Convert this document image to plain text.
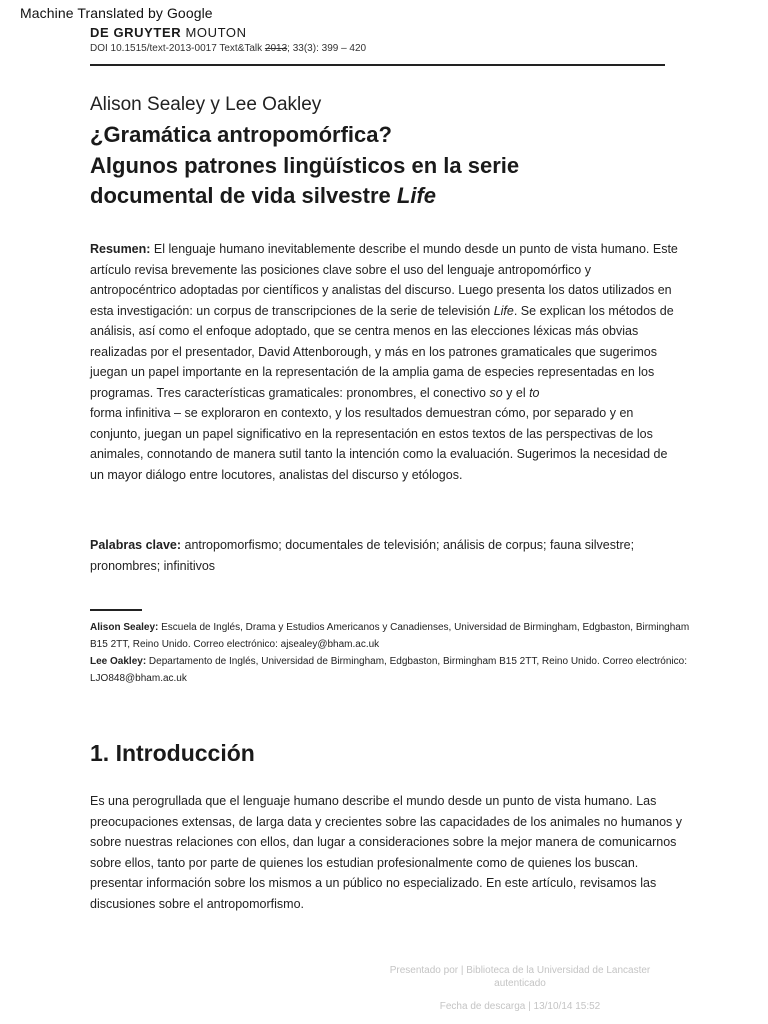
Machine Translated by Google
DE GRUYTER MOUTON
DOI 10.1515/text-2013-0017 Text&Talk 2013; 33(3): 399 – 420
Alison Sealey y Lee Oakley
¿Gramática antropomórfica?
Algunos patrones lingüísticos en la serie
documental de vida silvestre Life

Resumen: El lenguaje humano inevitablemente describe el mundo desde un punto de vista humano. Este artículo revisa brevemente las posiciones clave sobre el uso del lenguaje antropomórfico y antropocéntrico adoptadas por científicos y analistas del discurso. Luego presenta los datos utilizados en esta investigación: un corpus de transcripciones de la serie de televisión Life. Se explican los métodos de análisis, así como el enfoque adoptado, que se centra menos en las elecciones léxicas más obvias realizadas por el presentador, David Attenborough, y más en los patrones gramaticales que sugerimos juegan un papel importante en la representación de la amplia gama de especies representadas en los programas. Tres características gramaticales: pronombres, el conectivo so y el to
forma infinitiva – se exploraron en contexto, y los resultados demuestran cómo, por separado y en conjunto, juegan un papel significativo en la representación en estos textos de las perspectivas de los animales, connotando de manera sutil tanto la intención como la evaluación. Sugerimos la necesidad de un mayor diálogo entre locutores, analistas del discurso y etólogos.

Palabras clave: antropomorfismo; documentales de televisión; análisis de corpus; fauna silvestre; pronombres; infinitivos

Alison Sealey: Escuela de Inglés, Drama y Estudios Americanos y Canadienses, Universidad de Birmingham, Edgbaston, Birmingham B15 2TT, Reino Unido. Correo electrónico: ajsealey@bham.ac.uk

Lee Oakley: Departamento de Inglés, Universidad de Birmingham, Edgbaston, Birmingham B15 2TT, Reino Unido. Correo electrónico: LJO848@bham.ac.uk

1. Introducción

Es una perogrullada que el lenguaje humano describe el mundo desde un punto de vista humano. Las preocupaciones extensas, de larga data y crecientes sobre las capacidades de los animales no humanos y sobre nuestras relaciones con ellos, dan lugar a consideraciones sobre la mejor manera de comunicarnos sobre ellos, tanto por parte de quienes los estudian profesionalmente como de quienes los buscan. presentar información sobre los mismos a un público no especializado. En este artículo, revisamos las discusiones sobre el antropomorfismo.

Presentado por | Biblioteca de la Universidad de Lancaster
autenticado
Fecha de descarga | 13/10/14 15:52
